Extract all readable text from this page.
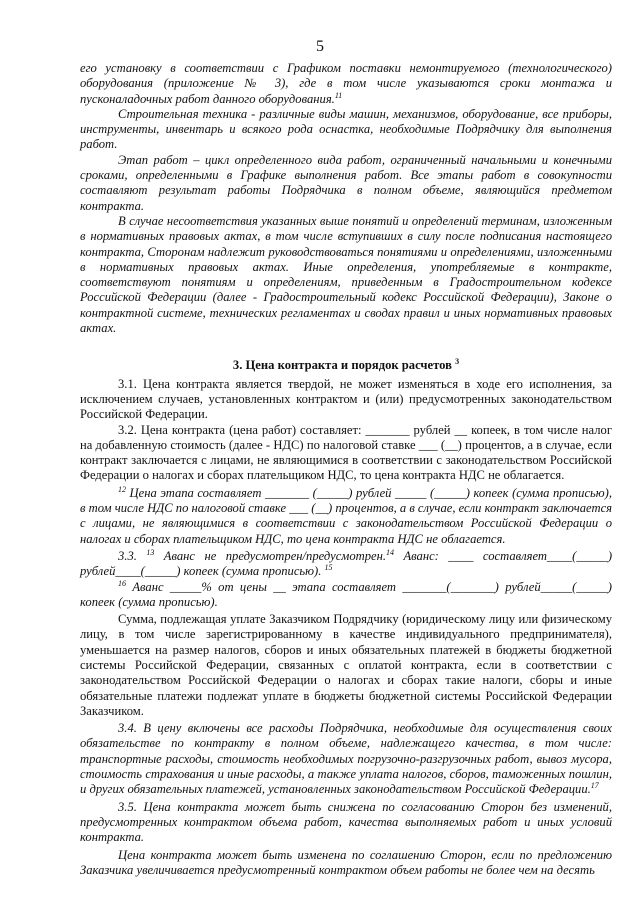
5

его установку в соответствии с Графиком поставки немонтируемого (технологического) оборудования (приложение № 3), где в том числе указываются сроки монтажа и пусконаладочных работ данного оборудования.$^{11}$

Строительная техника - различные виды машин, механизмов, оборудование, все приборы, инструменты, инвентарь и всякого рода оснастка, необходимые Подрядчику для выполнения работ.

Этап работ – цикл определенного вида работ, ограниченный начальными и конечными сроками, определенными в Графике выполнения работ. Все этапы работ в совокупности составляют результат работы Подрядчика в полном объеме, являющийся предметом контракта.

В случае несоответствия указанных выше понятий и определений терминам, изложенным в нормативных правовых актах, в том числе вступивших в силу после подписания настоящего контракта, Сторонам надлежит руководствоваться понятиями и определениями, изложенными в нормативных правовых актах. Иные определения, употребляемые в контракте, соответствуют понятиям и определениям, приведенным в Градостроительном кодексе Российской Федерации (далее - Градостроительный кодекс Российской Федерации), Законе о контрактной системе, технических регламентах и сводах правил и иных нормативных правовых актах.

3. Цена контракта и порядок расчетов $^3$

3.1. Цена контракта является твердой, не может изменяться в ходе его исполнения, за исключением случаев, установленных контрактом и (или) предусмотренных законодательством Российской Федерации.

3.2. Цена контракта (цена работ) составляет: _______ рублей __ копеек, в том числе налог на добавленную стоимость (далее - НДС) по налоговой ставке ___ (__) процентов, а в случае, если контракт заключается с лицами, не являющимися в соответствии с законодательством Российской Федерации о налогах и сборах плательщиком НДС, то цена контракта НДС не облагается.

$^{12}$ Цена этапа составляет _______ (_____) рублей _____ (_____) копеек (сумма прописью), в том числе НДС по налоговой ставке ___ (__) процентов, а в случае, если контракт заключается с лицами, не являющимися в соответствии с законодательством Российской Федерации о налогах и сборах плательщиком НДС, то цена контракта НДС не облагается.

3.3. $^{13}$ Аванс не предусмотрен/предусмотрен.$^{14}$ Аванс: ____ составляет____(_____) рублей____(_____) копеек (сумма прописью). $^{15}$

$^{16}$ Аванс _____% от цены __ этапа составляет _______(_______) рублей_____(_____) копеек (сумма прописью).

Сумма, подлежащая уплате Заказчиком Подрядчику (юридическому лицу или физическому лицу, в том числе зарегистрированному в качестве индивидуального предпринимателя), уменьшается на размер налогов, сборов и иных обязательных платежей в бюджеты бюджетной системы Российской Федерации, связанных с оплатой контракта, если в соответствии с законодательством Российской Федерации о налогах и сборах такие налоги, сборы и иные обязательные платежи подлежат уплате в бюджеты бюджетной системы Российской Федерации Заказчиком.

3.4. В цену включены все расходы Подрядчика, необходимые для осуществления своих обязательстве по контракту в полном объеме, надлежащего качества, в том числе: транспортные расходы, стоимость необходимых погрузочно-разгрузочных работ, вывоз мусора, стоимость страхования и иные расходы, а также уплата налогов, сборов, таможенных пошлин, и других обязательных платежей, установленных законодательством Российской Федерации.$^{17}$

3.5. Цена контракта может быть снижена по согласованию Сторон без изменений, предусмотренных контрактом объема работ, качества выполняемых работ и иных условий контракта.

Цена контракта может быть изменена по соглашению Сторон, если по предложению Заказчика увеличивается предусмотренный контрактом объем работы не более чем на десять
